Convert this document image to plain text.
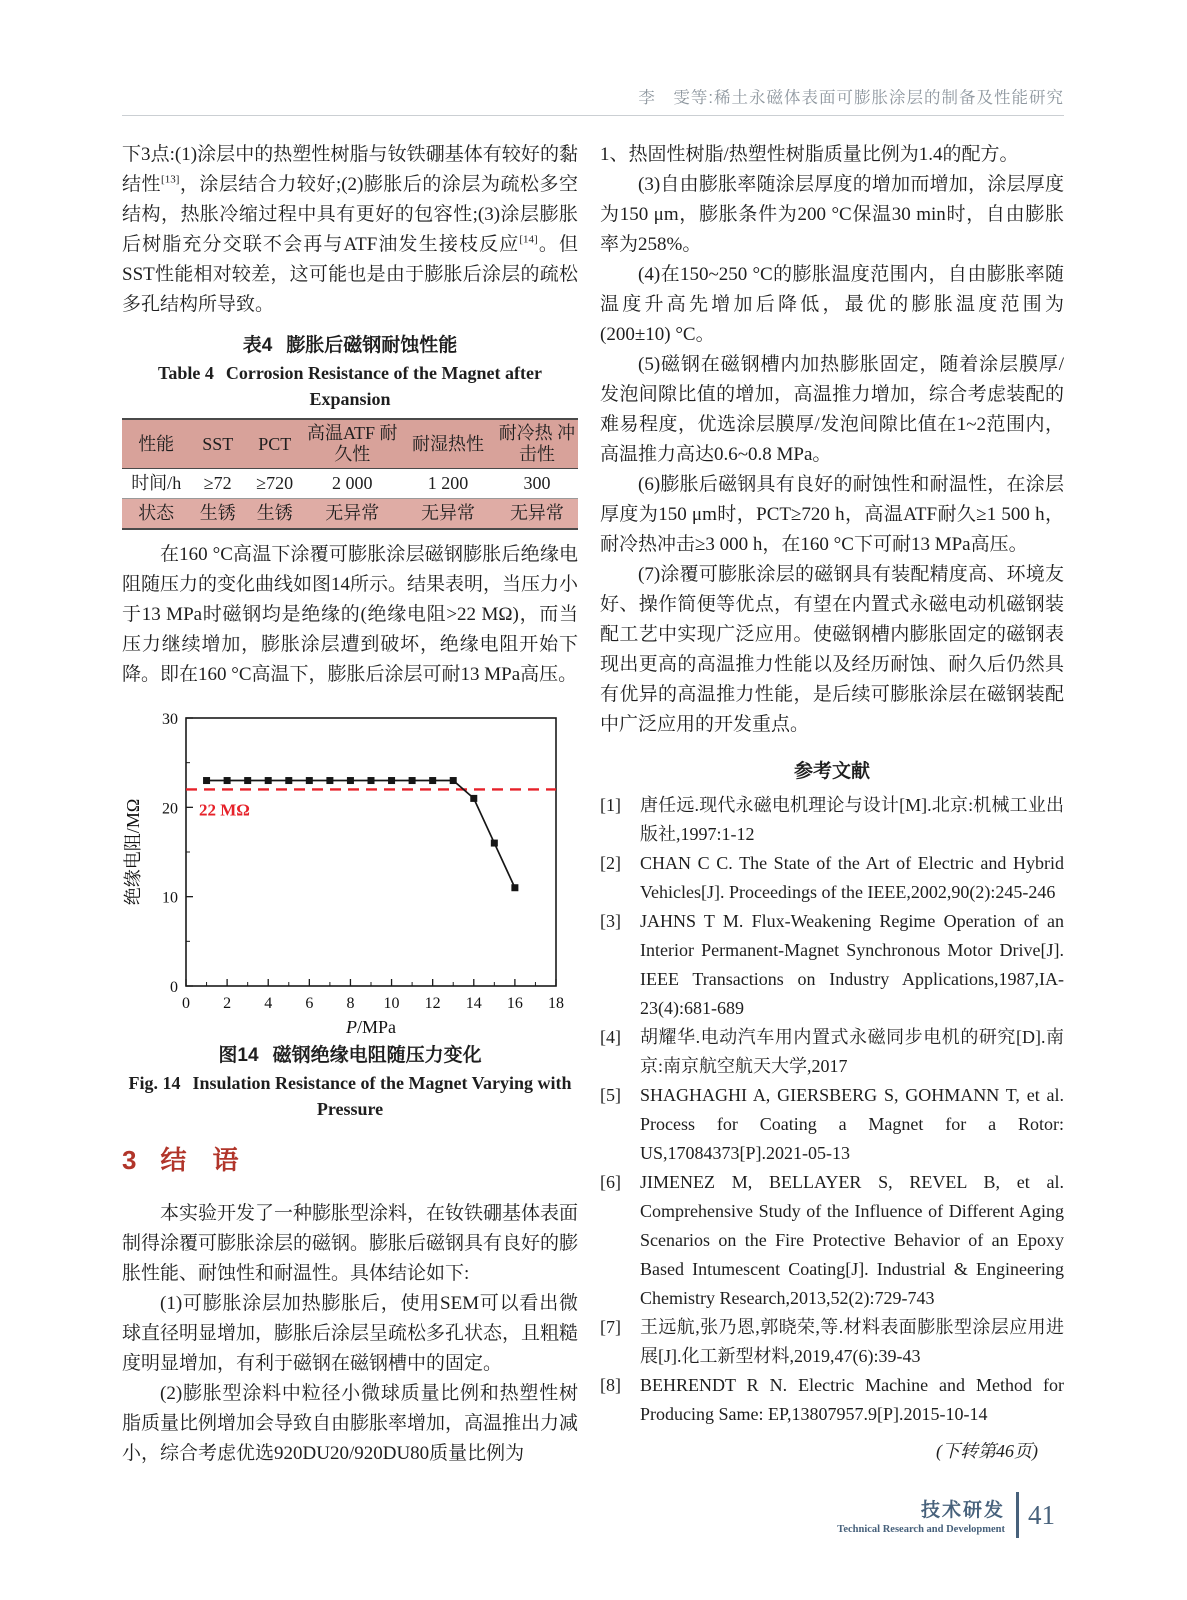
李　雯等:稀土永磁体表面可膨胀涂层的制备及性能研究

下3点:(1)涂层中的热塑性树脂与钕铁硼基体有较好的黏结性[13]，涂层结合力较好;(2)膨胀后的涂层为疏松多空结构，热胀冷缩过程中具有更好的包容性;(3)涂层膨胀后树脂充分交联不会再与ATF油发生接枝反应[14]。但SST性能相对较差，这可能也是由于膨胀后涂层的疏松多孔结构所导致。

表4 膨胀后磁钢耐蚀性能
Table 4 Corrosion Resistance of the Magnet after Expansion
性能	SST	PCT	高温ATF 耐久性	耐湿热性	耐冷热 冲击性
时间/h	≥72	≥720	2 000	1 200	300
状态	生锈	生锈	无异常	无异常	无异常

在160 °C高温下涂覆可膨胀涂层磁钢膨胀后绝缘电阻随压力的变化曲线如图14所示。结果表明，当压力小于13 MPa时磁钢均是绝缘的(绝缘电阻>22 MΩ)，而当压力继续增加，膨胀涂层遭到破坏，绝缘电阻开始下降。即在160 °C高温下，膨胀后涂层可耐13 MPa高压。

0 2 4 6 8 10 12 14 16 18
0
10
20
30
22 MΩ
P/MPa
绝缘电阻/MΩ
图14 磁钢绝缘电阻随压力变化
Fig. 14 Insulation Resistance of the Magnet Varying with Pressure
3 结　语

本实验开发了一种膨胀型涂料，在钕铁硼基体表面制得涂覆可膨胀涂层的磁钢。膨胀后磁钢具有良好的膨胀性能、耐蚀性和耐温性。具体结论如下:

(1)可膨胀涂层加热膨胀后，使用SEM可以看出微球直径明显增加，膨胀后涂层呈疏松多孔状态，且粗糙度明显增加，有利于磁钢在磁钢槽中的固定。

(2)膨胀型涂料中粒径小微球质量比例和热塑性树脂质量比例增加会导致自由膨胀率增加，高温推出力减小，综合考虑优选920DU20/920DU80质量比例为

1、热固性树脂/热塑性树脂质量比例为1.4的配方。

(3)自由膨胀率随涂层厚度的增加而增加，涂层厚度为150 μm，膨胀条件为200 °C保温30 min时，自由膨胀率为258%。

(4)在150~250 °C的膨胀温度范围内，自由膨胀率随温度升高先增加后降低，最优的膨胀温度范围为(200±10) °C。

(5)磁钢在磁钢槽内加热膨胀固定，随着涂层膜厚/发泡间隙比值的增加，高温推力增加，综合考虑装配的难易程度，优选涂层膜厚/发泡间隙比值在1~2范围内，高温推力高达0.6~0.8 MPa。

(6)膨胀后磁钢具有良好的耐蚀性和耐温性，在涂层厚度为150 μm时，PCT≥720 h，高温ATF耐久≥1 500 h，耐冷热冲击≥3 000 h，在160 °C下可耐13 MPa高压。

(7)涂覆可膨胀涂层的磁钢具有装配精度高、环境友好、操作简便等优点，有望在内置式永磁电动机磁钢装配工艺中实现广泛应用。使磁钢槽内膨胀固定的磁钢表现出更高的高温推力性能以及经历耐蚀、耐久后仍然具有优异的高温推力性能，是后续可膨胀涂层在磁钢装配中广泛应用的开发重点。

参考文献
[1]	唐任远.现代永磁电机理论与设计[M].北京:机械工业出版社,1997:1-12
[2]	CHAN C C. The State of the Art of Electric and Hybrid Vehicles[J]. Proceedings of the IEEE,2002,90(2):245-246
[3]	JAHNS T M. Flux-Weakening Regime Operation of an Interior Permanent-Magnet Synchronous Motor Drive[J]. IEEE Transactions on Industry Applications,1987,IA-23(4):681-689
[4]	胡耀华.电动汽车用内置式永磁同步电机的研究[D].南京:南京航空航天大学,2017
[5]	SHAGHAGHI A, GIERSBERG S, GOHMANN T, et al. Process for Coating a Magnet for a Rotor: US,17084373[P].2021-05-13
[6]	JIMENEZ M, BELLAYER S, REVEL B, et al. Comprehensive Study of the Influence of Different Aging Scenarios on the Fire Protective Behavior of an Epoxy Based Intumescent Coating[J]. Industrial & Engineering Chemistry Research,2013,52(2):729-743
[7]	王远航,张乃恩,郭晓荣,等.材料表面膨胀型涂层应用进展[J].化工新型材料,2019,47(6):39-43
[8]	BEHRENDT R N. Electric Machine and Method for Producing Same: EP,13807957.9[P].2015-10-14
(下转第46页)
技术研发
Technical Research and Development 41
